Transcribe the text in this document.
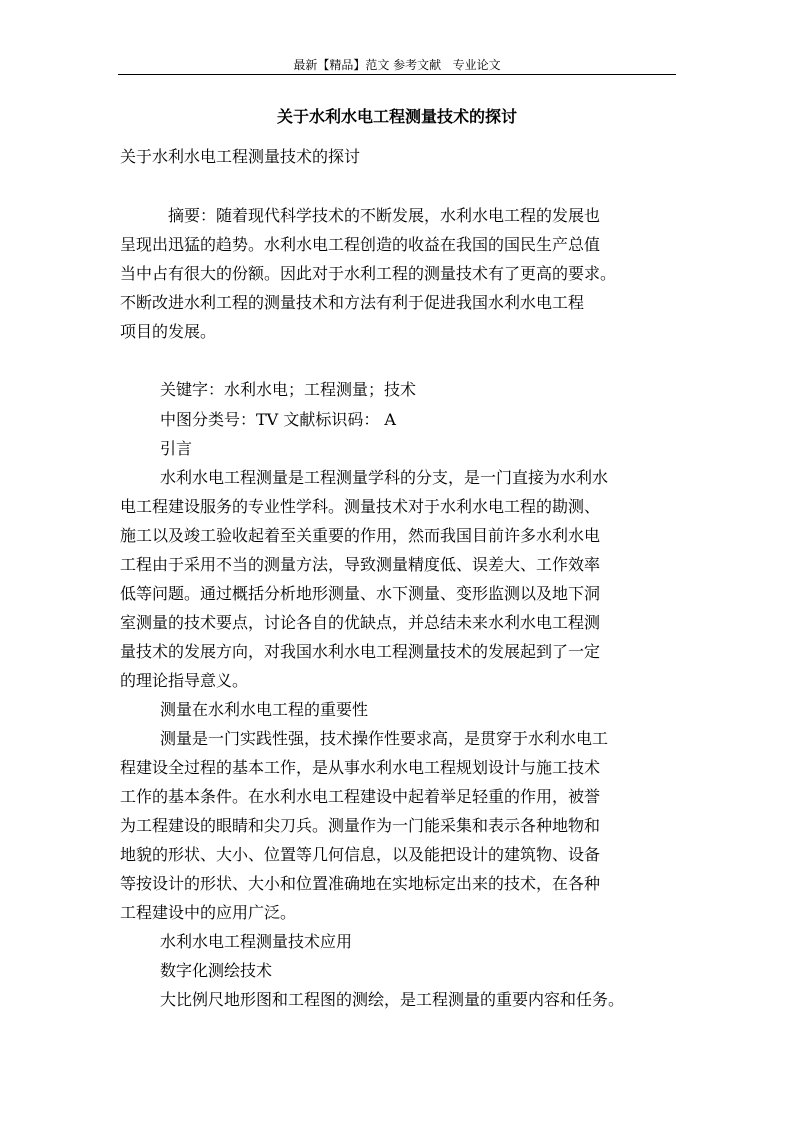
最新【精品】范文 参考文献   专业论文
关于水利水电工程测量技术的探讨
关于水利水电工程测量技术的探讨
摘要：随着现代科学技术的不断发展，水利水电工程的发展也
呈现出迅猛的趋势。水利水电工程创造的收益在我国的国民生产总值
当中占有很大的份额。因此对于水利工程的测量技术有了更高的要求。
不断改进水利工程的测量技术和方法有利于促进我国水利水电工程
项目的发展。
关键字：水利水电；工程测量；技术
中图分类号：TV 文献标识码： A
引言
水利水电工程测量是工程测量学科的分支，是一门直接为水利水
电工程建设服务的专业性学科。测量技术对于水利水电工程的勘测、
施工以及竣工验收起着至关重要的作用，然而我国目前许多水利水电
工程由于采用不当的测量方法，导致测量精度低、误差大、工作效率
低等问题。通过概括分析地形测量、水下测量、变形监测以及地下洞
室测量的技术要点，讨论各自的优缺点，并总结未来水利水电工程测
量技术的发展方向，对我国水利水电工程测量技术的发展起到了一定
的理论指导意义。
测量在水利水电工程的重要性
测量是一门实践性强，技术操作性要求高，是贯穿于水利水电工
程建设全过程的基本工作，是从事水利水电工程规划设计与施工技术
工作的基本条件。在水利水电工程建设中起着举足轻重的作用，被誉
为工程建设的眼睛和尖刀兵。测量作为一门能采集和表示各种地物和
地貌的形状、大小、位置等几何信息，以及能把设计的建筑物、设备
等按设计的形状、大小和位置准确地在实地标定出来的技术，在各种
工程建设中的应用广泛。
水利水电工程测量技术应用
数字化测绘技术
大比例尺地形图和工程图的测绘，是工程测量的重要内容和任务。
